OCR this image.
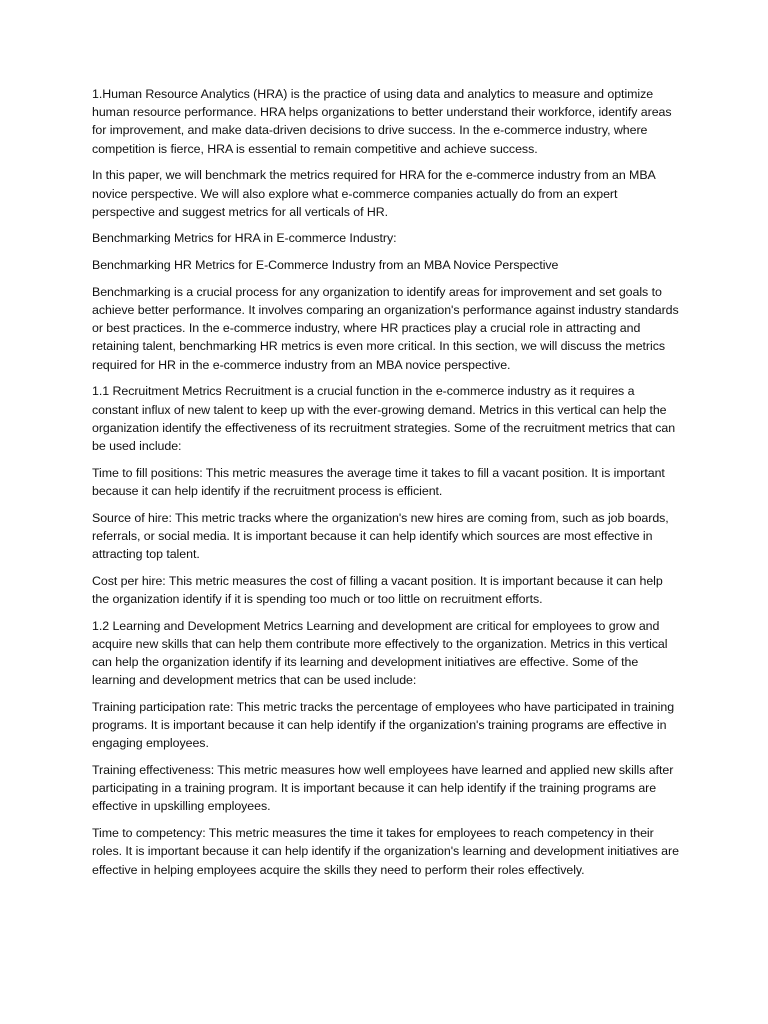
1.Human Resource Analytics (HRA) is the practice of using data and analytics to measure and optimize human resource performance. HRA helps organizations to better understand their workforce, identify areas for improvement, and make data-driven decisions to drive success. In the e-commerce industry, where competition is fierce, HRA is essential to remain competitive and achieve success.

In this paper, we will benchmark the metrics required for HRA for the e-commerce industry from an MBA novice perspective. We will also explore what e-commerce companies actually do from an expert perspective and suggest metrics for all verticals of HR.

Benchmarking Metrics for HRA in E-commerce Industry:

Benchmarking HR Metrics for E-Commerce Industry from an MBA Novice Perspective

Benchmarking is a crucial process for any organization to identify areas for improvement and set goals to achieve better performance. It involves comparing an organization's performance against industry standards or best practices. In the e-commerce industry, where HR practices play a crucial role in attracting and retaining talent, benchmarking HR metrics is even more critical. In this section, we will discuss the metrics required for HR in the e-commerce industry from an MBA novice perspective.

1.1 Recruitment Metrics Recruitment is a crucial function in the e-commerce industry as it requires a constant influx of new talent to keep up with the ever-growing demand. Metrics in this vertical can help the organization identify the effectiveness of its recruitment strategies. Some of the recruitment metrics that can be used include:

Time to fill positions: This metric measures the average time it takes to fill a vacant position. It is important because it can help identify if the recruitment process is efficient.

Source of hire: This metric tracks where the organization's new hires are coming from, such as job boards, referrals, or social media. It is important because it can help identify which sources are most effective in attracting top talent.

Cost per hire: This metric measures the cost of filling a vacant position. It is important because it can help the organization identify if it is spending too much or too little on recruitment efforts.

1.2 Learning and Development Metrics Learning and development are critical for employees to grow and acquire new skills that can help them contribute more effectively to the organization. Metrics in this vertical can help the organization identify if its learning and development initiatives are effective. Some of the learning and development metrics that can be used include:

Training participation rate: This metric tracks the percentage of employees who have participated in training programs. It is important because it can help identify if the organization's training programs are effective in engaging employees.

Training effectiveness: This metric measures how well employees have learned and applied new skills after participating in a training program. It is important because it can help identify if the training programs are effective in upskilling employees.

Time to competency: This metric measures the time it takes for employees to reach competency in their roles. It is important because it can help identify if the organization's learning and development initiatives are effective in helping employees acquire the skills they need to perform their roles effectively.
